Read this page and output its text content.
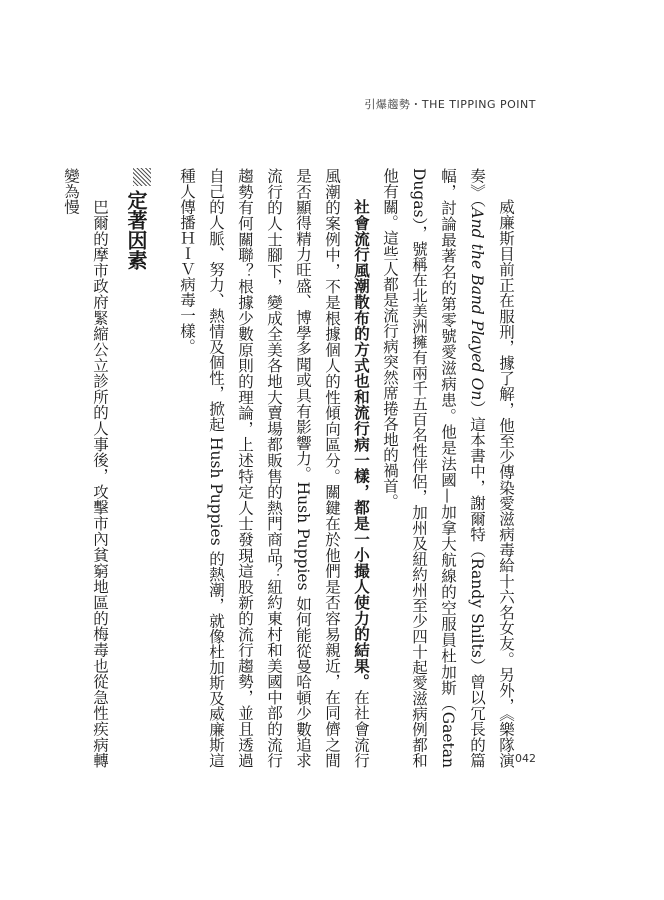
引爆趨勢・THE TIPPING POINT

威廉斯目前正在服刑，據了解，他至少傳染愛滋病毒給十六名女友。另外，《樂隊演奏》（And the Band Played On）這本書中，謝爾特（Randy Shilts）曾以冗長的篇幅，討論最著名的第零號愛滋病患。他是法國—加拿大航線的空服員杜加斯（Gaetan Dugas），號稱在北美洲擁有兩千五百名性伴侶，加州及紐約州至少四十起愛滋病例都和他有關。這些人都是流行病突然席捲各地的禍首。

社會流行風潮散布的方式也和流行病一樣，都是一小撮人使力的結果。在社會流行風潮的案例中，不是根據個人的性傾向區分。關鍵在於他們是否容易親近，在同儕之間是否顯得精力旺盛、博學多聞或具有影響力。Hush Puppies 如何能從曼哈頓少數追求流行的人士腳下，變成全美各地大賣場都販售的熱門商品？紐約東村和美國中部的流行趨勢有何關聯？根據少數原則的理論，上述特定人士發現這股新的流行趨勢，並且透過自己的人脈、努力、熱情及個性，掀起 Hush Puppies 的熱潮，就像杜加斯及威廉斯這種人傳播ＨＩＶ病毒一樣。

定著因素

巴爾的摩市政府緊縮公立診所的人事後，攻擊市內貧窮地區的梅毒也從急性疾病轉變為慢

042
